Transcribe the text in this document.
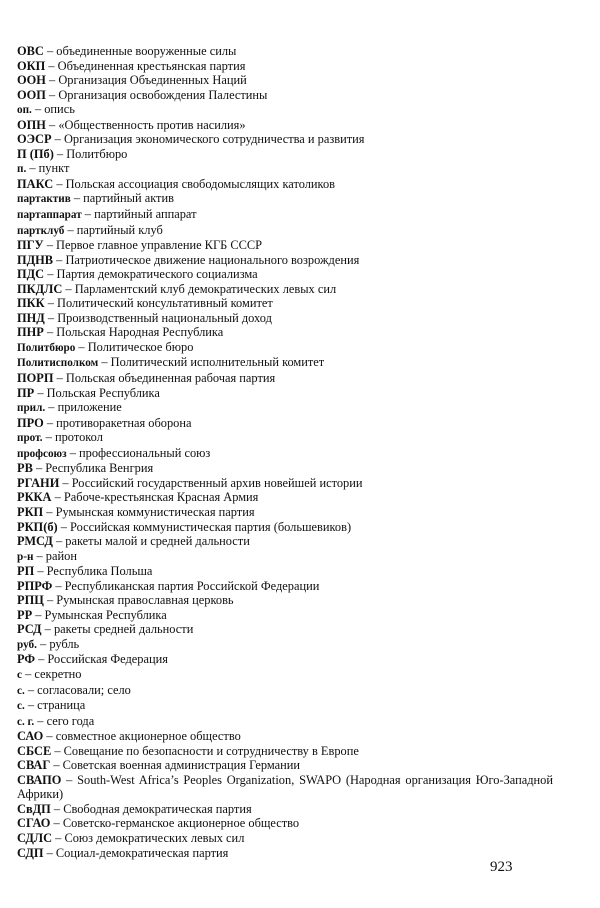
ОВС – объединенные вооруженные силы
ОКП – Объединенная крестьянская партия
ООН – Организация Объединенных Наций
ООП – Организация освобождения Палестины
оп. – опись
ОПН – «Общественность против насилия»
ОЭСР – Организация экономического сотрудничества и развития
П (Пб) – Политбюро
п. – пункт
ПАКС – Польская ассоциация свободомыслящих католиков
партактив – партийный актив
партаппарат – партийный аппарат
партклуб – партийный клуб
ПГУ – Первое главное управление КГБ СССР
ПДНВ – Патриотическое движение национального возрождения
ПДС – Партия демократического социализма
ПКДЛС – Парламентский клуб демократических левых сил
ПКК – Политический консультативный комитет
ПНД – Производственный национальный доход
ПНР – Польская Народная Республика
Политбюро – Политическое бюро
Политисполком – Политический исполнительный комитет
ПОРП – Польская объединенная рабочая партия
ПР – Польская Республика
прил. – приложение
ПРО – противоракетная оборона
прот. – протокол
профсоюз – профессиональный союз
РВ – Республика Венгрия
РГАНИ – Российский государственный архив новейшей истории
РККА – Рабоче-крестьянская Красная Армия
РКП – Румынская коммунистическая партия
РКП(б) – Российская коммунистическая партия (большевиков)
РМСД – ракеты малой и средней дальности
р-н – район
РП – Республика Польша
РПРФ – Республиканская партия Российской Федерации
РПЦ – Румынская православная церковь
РР – Румынская Республика
РСД – ракеты средней дальности
руб. – рубль
РФ – Российская Федерация
с – секретно
с. – согласовали; село
с. – страница
с. г. – сего года
САО – совместное акционерное общество
СБСЕ – Совещание по безопасности и сотрудничеству в Европе
СВАГ – Советская военная администрация Германии
СВАПО – South-West Africa’s Peoples Organization, SWAPO (Народная организация Юго-Западной Африки)
СвДП – Свободная демократическая партия
СГАО – Советско-германское акционерное общество
СДЛС – Союз демократических левых сил
СДП – Социал-демократическая партия
923
